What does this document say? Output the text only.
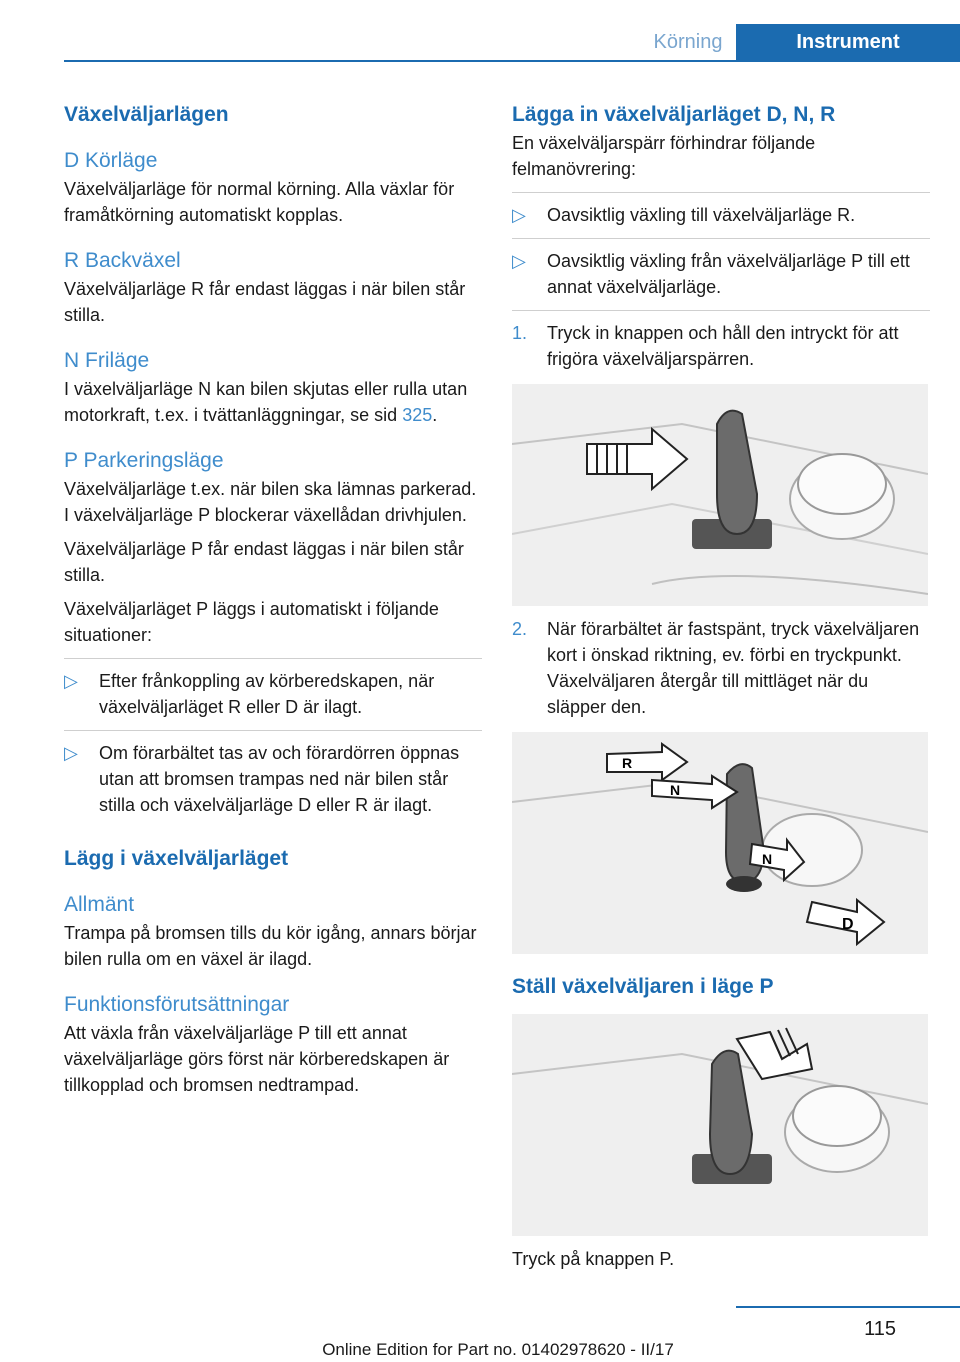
Körning	Instrument
Växelväljarlägen
D Körläge

Växelväljarläge för normal körning. Alla växlar för framåtkörning automatiskt kopplas.

R Backväxel

Växelväljarläge R får endast läggas i när bilen står stilla.

N Friläge

I växelväljarläge N kan bilen skjutas eller rulla utan motorkraft, t.ex. i tvättanläggningar, se sid 325.

P Parkeringsläge

Växelväljarläge t.ex. när bilen ska lämnas parkerad. I växelväljarläge P blockerar växellådan drivhjulen.

Växelväljarläge P får endast läggas i när bilen står stilla.

Växelväljarläget P läggs i automatiskt i följande situationer:

▷ Efter frånkoppling av körberedskapen, när växelväljarläget R eller D är ilagt.
▷ Om förarbältet tas av och förardörren öppnas utan att bromsen trampas ned när bilen står stilla och växelväljarläge D eller R är ilagt.
Lägg i växelväljarläget
Allmänt

Trampa på bromsen tills du kör igång, annars börjar bilen rulla om en växel är ilagd.

Funktionsförutsättningar

Att växla från växelväljarläge P till ett annat växelväljarläge görs först när körberedskapen är tillkopplad och bromsen nedtrampad.

Lägga in växelväljarläget D, N, R

En växelväljarspärr förhindrar följande felmanövrering:

▷ Oavsiktlig växling till växelväljarläge R.
▷ Oavsiktlig växling från växelväljarläge P till ett annat växelväljarläge.
1. Tryck in knappen och håll den intryckt för att frigöra växelväljarspärren.
2. När förarbältet är fastspänt, tryck växelväljaren kort i önskad riktning, ev. förbi en tryckpunkt. Växelväljaren återgår till mittläget när du släpper den.
R
N
N
D
Ställ växelväljaren i läge P

Tryck på knappen P.

115
Online Edition for Part no. 01402978620 - II/17
